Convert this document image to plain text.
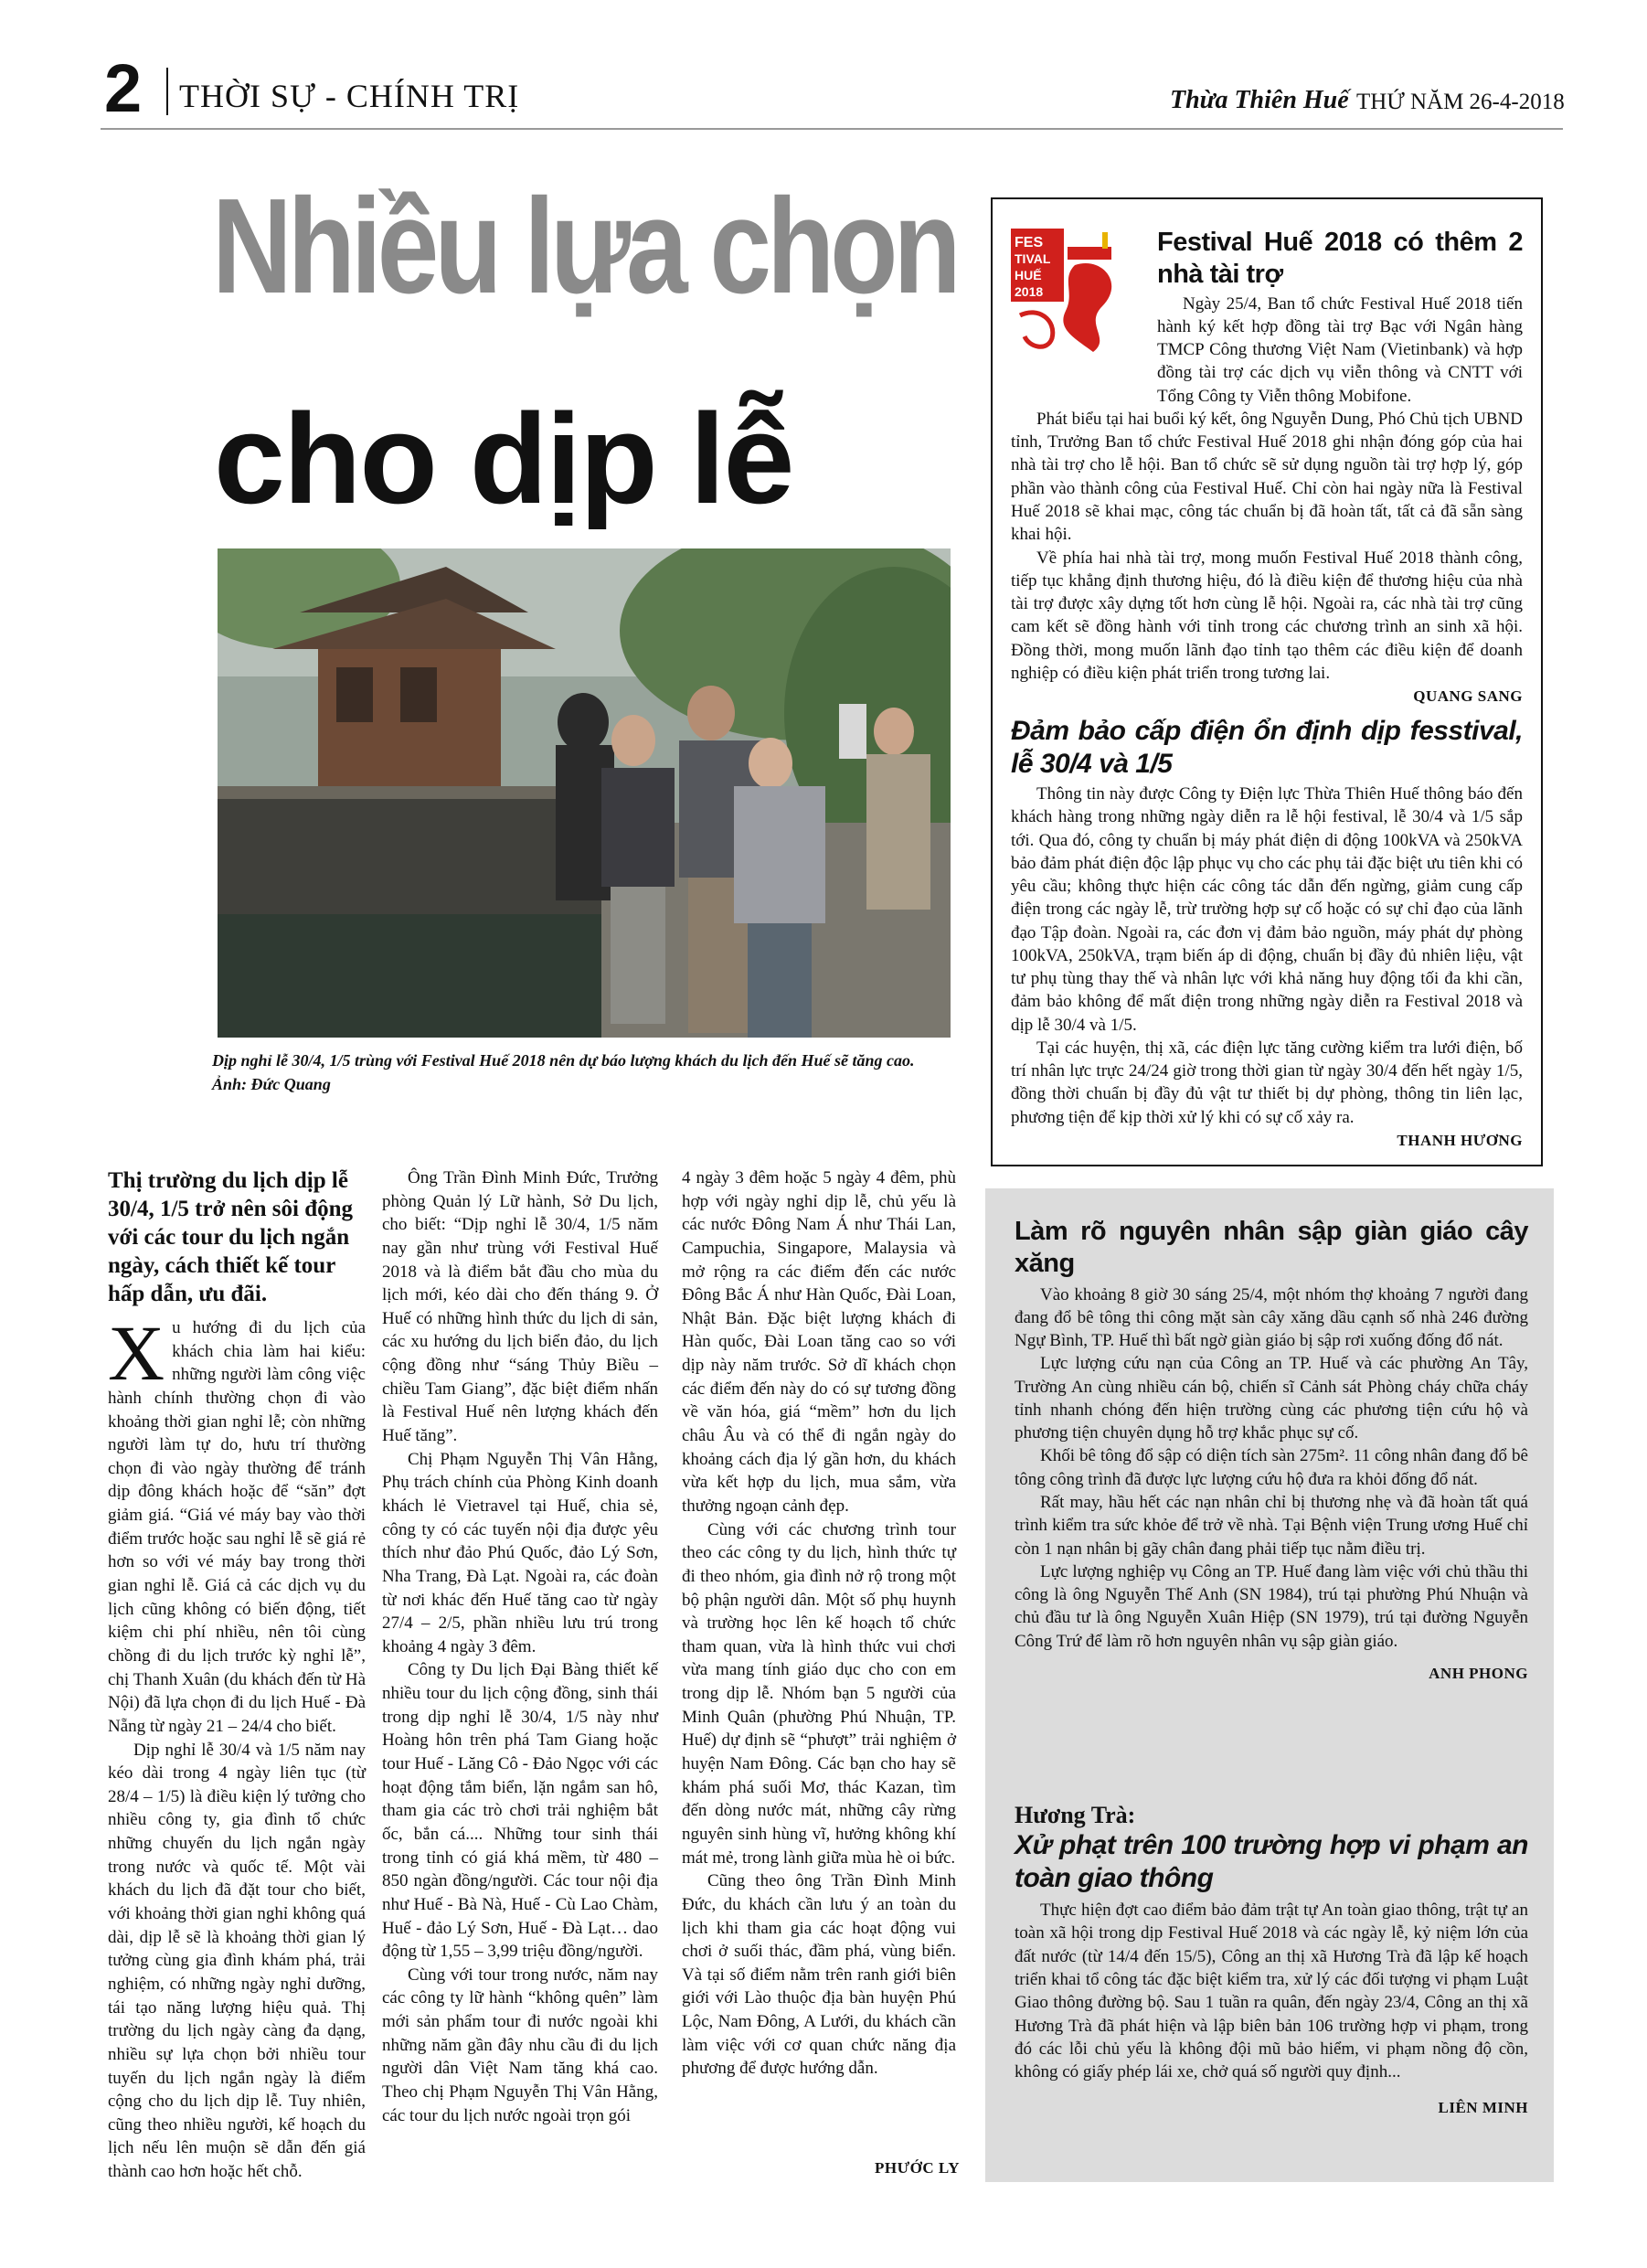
2 THỜI SỰ - CHÍNH TRỊ	Thừa Thiên Huế THỨ NĂM 26-4-2018
Nhiều lựa chọn
cho dịp lễ
Dịp nghỉ lễ 30/4, 1/5 trùng với Festival Huế 2018 nên dự báo lượng khách du lịch đến Huế sẽ tăng cao. Ảnh: Đức Quang
Thị trường du lịch dịp lễ 30/4, 1/5 trở nên sôi động với các tour du lịch ngắn ngày, cách thiết kế tour hấp dẫn, ưu đãi.

Xu hướng đi du lịch của khách chia làm hai kiểu: những người làm công việc hành chính thường chọn đi vào khoảng thời gian nghỉ lễ; còn những người làm tự do, hưu trí thường chọn đi vào ngày thường để tránh dịp đông khách hoặc để “săn” đợt giảm giá. “Giá vé máy bay vào thời điểm trước hoặc sau nghỉ lễ sẽ giá rẻ hơn so với vé máy bay trong thời gian nghỉ lễ. Giá cả các dịch vụ du lịch cũng không có biến động, tiết kiệm chi phí nhiều, nên tôi cùng chồng đi du lịch trước kỳ nghỉ lễ”, chị Thanh Xuân (du khách đến từ Hà Nội) đã lựa chọn đi du lịch Huế - Đà Nẵng từ ngày 21 – 24/4 cho biết.

Dịp nghỉ lễ 30/4 và 1/5 năm nay kéo dài trong 4 ngày liên tục (từ 28/4 – 1/5) là điều kiện lý tưởng cho nhiều công ty, gia đình tổ chức những chuyến du lịch ngắn ngày trong nước và quốc tế. Một vài khách du lịch đã đặt tour cho biết, với khoảng thời gian nghỉ không quá dài, dịp lễ sẽ là khoảng thời gian lý tưởng cùng gia đình khám phá, trải nghiệm, có những ngày nghỉ dưỡng, tái tạo năng lượng hiệu quả. Thị trường du lịch ngày càng đa dạng, nhiều sự lựa chọn bởi nhiều tour tuyến du lịch ngắn ngày là điểm cộng cho du lịch dịp lễ. Tuy nhiên, cũng theo nhiều người, kế hoạch du lịch nếu lên muộn sẽ dẫn đến giá thành cao hơn hoặc hết chỗ.

Ông Trần Đình Minh Đức, Trưởng phòng Quản lý Lữ hành, Sở Du lịch, cho biết: “Dịp nghỉ lễ 30/4, 1/5 năm nay gần như trùng với Festival Huế 2018 và là điểm bắt đầu cho mùa du lịch mới, kéo dài cho đến tháng 9. Ở Huế có những hình thức du lịch di sản, các xu hướng du lịch biển đảo, du lịch cộng đồng như “sáng Thủy Biều – chiều Tam Giang”, đặc biệt điểm nhấn là Festival Huế nên lượng khách đến Huế tăng”.

Chị Phạm Nguyễn Thị Vân Hằng, Phụ trách chính của Phòng Kinh doanh khách lẻ Vietravel tại Huế, chia sẻ, công ty có các tuyến nội địa được yêu thích như đảo Phú Quốc, đảo Lý Sơn, Nha Trang, Đà Lạt. Ngoài ra, các đoàn từ nơi khác đến Huế tăng cao từ ngày 27/4 – 2/5, phần nhiều lưu trú trong khoảng 4 ngày 3 đêm.

Công ty Du lịch Đại Bàng thiết kế nhiều tour du lịch cộng đồng, sinh thái trong dịp nghỉ lễ 30/4, 1/5 này như Hoàng hôn trên phá Tam Giang hoặc tour Huế - Lăng Cô - Đảo Ngọc với các hoạt động tắm biển, lặn ngắm san hô, tham gia các trò chơi trải nghiệm bắt ốc, bắn cá.... Những tour sinh thái trong tỉnh có giá khá mềm, từ 480 – 850 ngàn đồng/người. Các tour nội địa như Huế - Bà Nà, Huế - Cù Lao Chàm, Huế - đảo Lý Sơn, Huế - Đà Lạt… dao động từ 1,55 – 3,99 triệu đồng/người.

Cùng với tour trong nước, năm nay các công ty lữ hành “không quên” làm mới sản phẩm tour đi nước ngoài khi những năm gần đây nhu cầu đi du lịch người dân Việt Nam tăng khá cao. Theo chị Phạm Nguyễn Thị Vân Hằng, các tour du lịch nước ngoài trọn gói

4 ngày 3 đêm hoặc 5 ngày 4 đêm, phù hợp với ngày nghỉ dịp lễ, chủ yếu là các nước Đông Nam Á như Thái Lan, Campuchia, Singapore, Malaysia và mở rộng ra các điểm đến các nước Đông Bắc Á như Hàn Quốc, Đài Loan, Nhật Bản. Đặc biệt lượng khách đi Hàn quốc, Đài Loan tăng cao so với dịp này năm trước. Sở dĩ khách chọn các điểm đến này do có sự tương đồng về văn hóa, giá “mềm” hơn du lịch châu Âu và có thể đi ngắn ngày do khoảng cách địa lý gần hơn, du khách vừa kết hợp du lịch, mua sắm, vừa thưởng ngoạn cảnh đẹp.

Cùng với các chương trình tour theo các công ty du lịch, hình thức tự đi theo nhóm, gia đình nở rộ trong một bộ phận người dân. Một số phụ huynh và trường học lên kế hoạch tổ chức tham quan, vừa là hình thức vui chơi vừa mang tính giáo dục cho con em trong dịp lễ. Nhóm bạn 5 người của Minh Quân (phường Phú Nhuận, TP. Huế) dự định sẽ “phượt” trải nghiệm ở huyện Nam Đông. Các bạn cho hay sẽ khám phá suối Mơ, thác Kazan, tìm đến dòng nước mát, những cây rừng nguyên sinh hùng vĩ, hưởng không khí mát mẻ, trong lành giữa mùa hè oi bức.

Cũng theo ông Trần Đình Minh Đức, du khách cần lưu ý an toàn du lịch khi tham gia các hoạt động vui chơi ở suối thác, đầm phá, vùng biển. Và tại số điểm nằm trên ranh giới biên giới với Lào thuộc địa bàn huyện Phú Lộc, Nam Đông, A Lưới, du khách cần làm việc với cơ quan chức năng địa phương để được hướng dẫn.

PHƯỚC LY
FES
TIVAL
HUẾ
2018
Festival Huế 2018 có thêm 2 nhà tài trợ

Ngày 25/4, Ban tổ chức Festival Huế 2018 tiến hành ký kết hợp đồng tài trợ Bạc với Ngân hàng TMCP Công thương Việt Nam (Vietinbank) và hợp đồng tài trợ các dịch vụ viễn thông và CNTT với Tổng Công ty Viễn thông Mobifone.

Phát biểu tại hai buổi ký kết, ông Nguyễn Dung, Phó Chủ tịch UBND tỉnh, Trưởng Ban tổ chức Festival Huế 2018 ghi nhận đóng góp của hai nhà tài trợ cho lễ hội. Ban tổ chức sẽ sử dụng nguồn tài trợ hợp lý, góp phần vào thành công của Festival Huế. Chỉ còn hai ngày nữa là Festival Huế 2018 sẽ khai mạc, công tác chuẩn bị đã hoàn tất, tất cả đã sẵn sàng khai hội.

Về phía hai nhà tài trợ, mong muốn Festival Huế 2018 thành công, tiếp tục khẳng định thương hiệu, đó là điều kiện để thương hiệu của nhà tài trợ được xây dựng tốt hơn cùng lễ hội. Ngoài ra, các nhà tài trợ cũng cam kết sẽ đồng hành với tỉnh trong các chương trình an sinh xã hội. Đồng thời, mong muốn lãnh đạo tỉnh tạo thêm các điều kiện để doanh nghiệp có điều kiện phát triển trong tương lai.

QUANG SANG
Đảm bảo cấp điện ổn định dịp fesstival, lễ 30/4 và 1/5

Thông tin này được Công ty Điện lực Thừa Thiên Huế thông báo đến khách hàng trong những ngày diễn ra lễ hội festival, lễ 30/4 và 1/5 sắp tới. Qua đó, công ty chuẩn bị máy phát điện di động 100kVA và 250kVA bảo đảm phát điện độc lập phục vụ cho các phụ tải đặc biệt ưu tiên khi có yêu cầu; không thực hiện các công tác dẫn đến ngừng, giảm cung cấp điện trong các ngày lễ, trừ trường hợp sự cố hoặc có sự chỉ đạo của lãnh đạo Tập đoàn. Ngoài ra, các đơn vị đảm bảo nguồn, máy phát dự phòng 100kVA, 250kVA, trạm biến áp di động, chuẩn bị đầy đủ nhiên liệu, vật tư phụ tùng thay thế và nhân lực với khả năng huy động tối đa khi cần, đảm bảo không để mất điện trong những ngày diễn ra Festival 2018 và dịp lễ 30/4 và 1/5.

Tại các huyện, thị xã, các điện lực tăng cường kiểm tra lưới điện, bố trí nhân lực trực 24/24 giờ trong thời gian từ ngày 30/4 đến hết ngày 1/5, đồng thời chuẩn bị đầy đủ vật tư thiết bị dự phòng, thông tin liên lạc, phương tiện để kịp thời xử lý khi có sự cố xảy ra.

THANH HƯƠNG
Làm rõ nguyên nhân sập giàn giáo cây xăng

Vào khoảng 8 giờ 30 sáng 25/4, một nhóm thợ khoảng 7 người đang đang đổ bê tông thi công mặt sàn cây xăng dầu cạnh số nhà 246 đường Ngự Bình, TP. Huế thì bất ngờ giàn giáo bị sập rơi xuống đống đổ nát.

Lực lượng cứu nạn của Công an TP. Huế và các phường An Tây, Trường An cùng nhiều cán bộ, chiến sĩ Cảnh sát Phòng cháy chữa cháy tỉnh nhanh chóng đến hiện trường cùng các phương tiện cứu hộ và phương tiện chuyên dụng hỗ trợ khắc phục sự cố.

Khối bê tông đổ sập có diện tích sàn 275m². 11 công nhân đang đổ bê tông công trình đã được lực lượng cứu hộ đưa ra khỏi đống đổ nát.

Rất may, hầu hết các nạn nhân chỉ bị thương nhẹ và đã hoàn tất quá trình kiểm tra sức khỏe để trở về nhà. Tại Bệnh viện Trung ương Huế chỉ còn 1 nạn nhân bị gãy chân đang phải tiếp tục nằm điều trị.

Lực lượng nghiệp vụ Công an TP. Huế đang làm việc với chủ thầu thi công là ông Nguyễn Thế Anh (SN 1984), trú tại phường Phú Nhuận và chủ đầu tư là ông Nguyễn Xuân Hiệp (SN 1979), trú tại đường Nguyễn Công Trứ để làm rõ hơn nguyên nhân vụ sập giàn giáo.

ANH PHONG
Hương Trà:
Xử phạt trên 100 trường hợp vi phạm an toàn giao thông

Thực hiện đợt cao điểm bảo đảm trật tự An toàn giao thông, trật tự an toàn xã hội trong dịp Festival Huế 2018 và các ngày lễ, kỷ niệm lớn của đất nước (từ 14/4 đến 15/5), Công an thị xã Hương Trà đã lập kế hoạch triển khai tổ công tác đặc biệt kiểm tra, xử lý các đối tượng vi phạm Luật Giao thông đường bộ. Sau 1 tuần ra quân, đến ngày 23/4, Công an thị xã Hương Trà đã phát hiện và lập biên bản 106 trường hợp vi phạm, trong đó các lỗi chủ yếu là không đội mũ bảo hiểm, vi phạm nồng độ cồn, không có giấy phép lái xe, chở quá số người quy định...

LIÊN MINH
